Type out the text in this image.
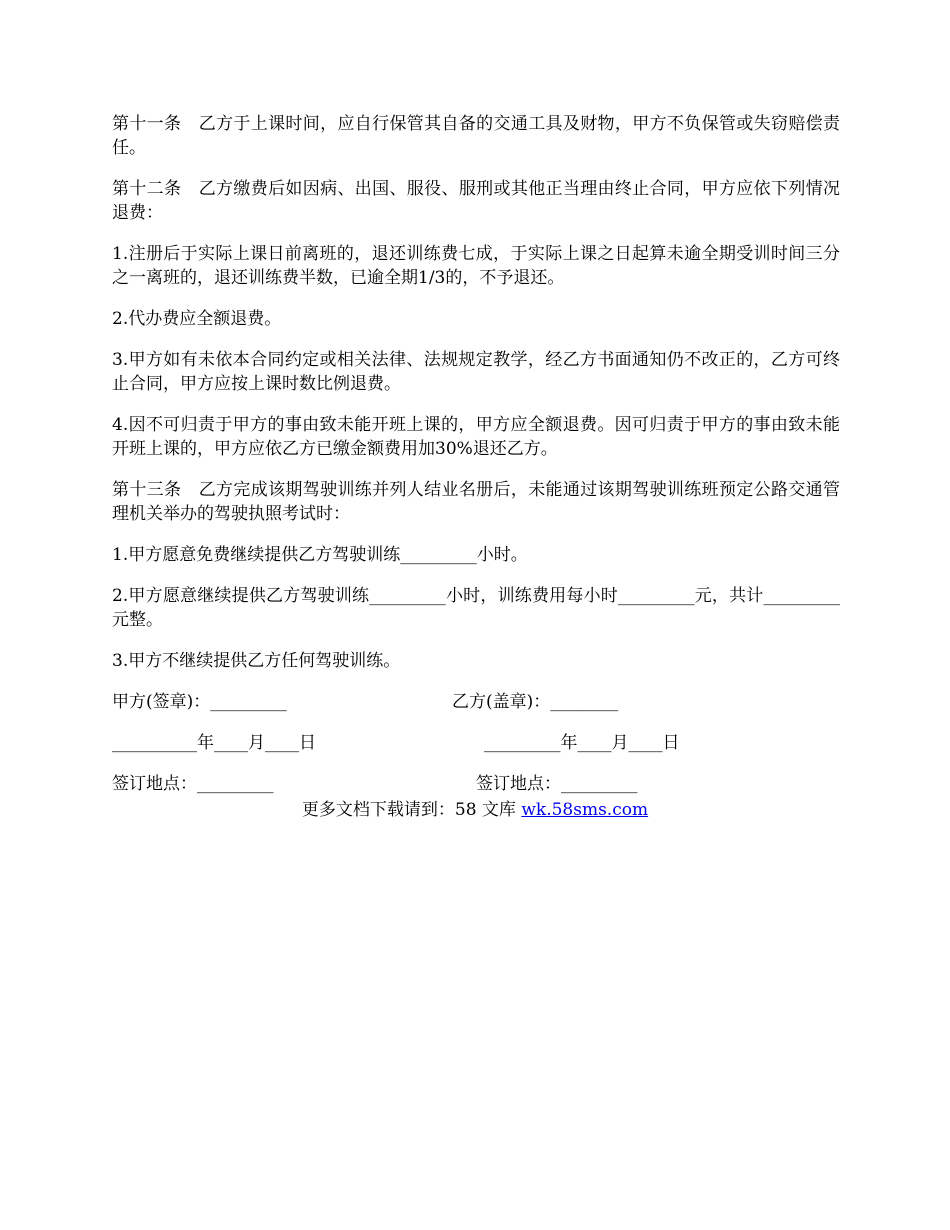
第十一条　乙方于上课时间，应自行保管其自备的交通工具及财物，甲方不负保管或失窃赔偿责任。

第十二条　乙方缴费后如因病、出国、服役、服刑或其他正当理由终止合同，甲方应依下列情况退费：

1.注册后于实际上课日前离班的，退还训练费七成，于实际上课之日起算未逾全期受训时间三分之一离班的，退还训练费半数，已逾全期1/3的，不予退还。

2.代办费应全额退费。

3.甲方如有未依本合同约定或相关法律、法规规定教学，经乙方书面通知仍不改正的，乙方可终止合同，甲方应按上课时数比例退费。

4.因不可归责于甲方的事由致未能开班上课的，甲方应全额退费。因可归责于甲方的事由致未能开班上课的，甲方应依乙方已缴金额费用加30%退还乙方。

第十三条　乙方完成该期驾驶训练并列人结业名册后，未能通过该期驾驶训练班预定公路交通管理机关举办的驾驶执照考试时：

1.甲方愿意免费继续提供乙方驾驶训练_________小时。

2.甲方愿意继续提供乙方驾驶训练_________小时，训练费用每小时_________元，共计_________元整。

3.甲方不继续提供乙方任何驾驶训练。

甲方(签章)：_________	乙方(盖章)：________
__________年____月____日	_________年____月____日
签订地点：_________	签订地点：_________
更多文档下载请到：58 文库 wk.58sms.com
